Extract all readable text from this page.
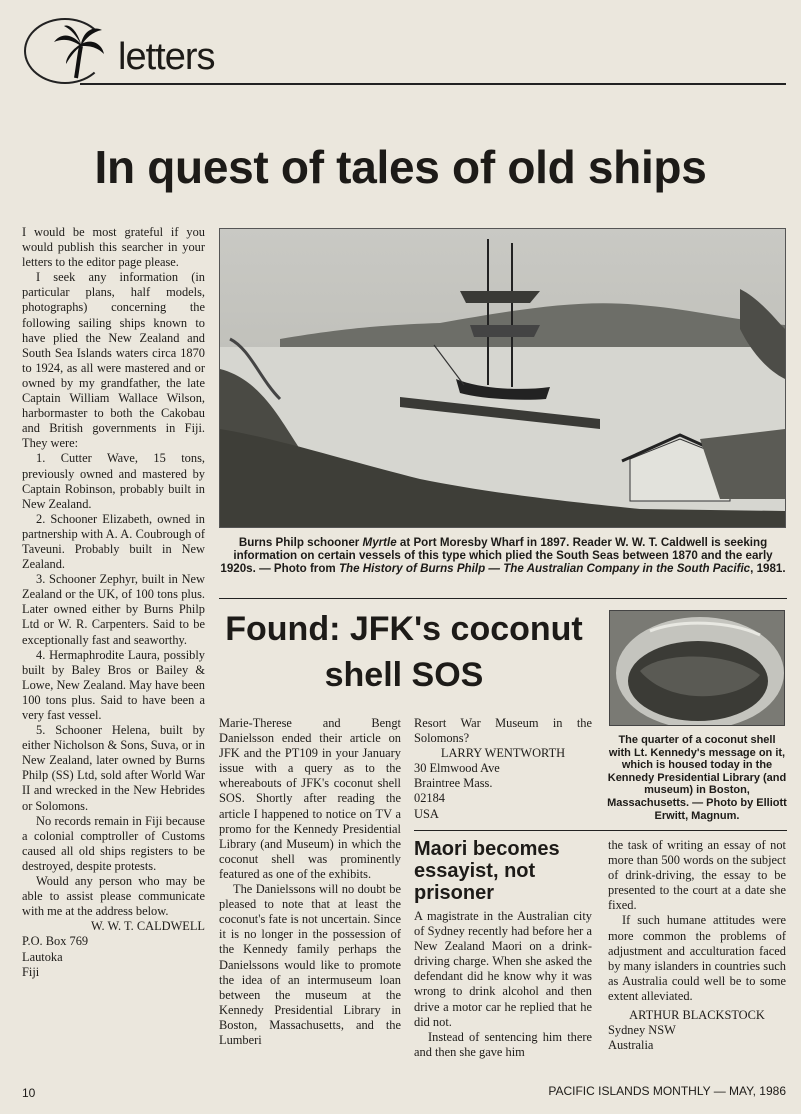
letters
In quest of tales of old ships

I would be most grateful if you would publish this searcher in your letters to the editor page please.

I seek any information (in particular plans, half models, photographs) concerning the following sailing ships known to have plied the New Zealand and South Sea Islands waters circa 1870 to 1924, as all were mastered and or owned by my grandfather, the late Captain William Wallace Wilson, harbormaster to both the Cakobau and British governments in Fiji. They were:

1. Cutter Wave, 15 tons, previously owned and mastered by Captain Robinson, probably built in New Zealand.

2. Schooner Elizabeth, owned in partnership with A. A. Coubrough of Taveuni. Probably built in New Zealand.

3. Schooner Zephyr, built in New Zealand or the UK, of 100 tons plus. Later owned either by Burns Philp Ltd or W. R. Carpenters. Said to be exceptionally fast and seaworthy.

4. Hermaphrodite Laura, possibly built by Baley Bros or Bailey & Lowe, New Zealand. May have been 100 tons plus. Said to have been a very fast vessel.

5. Schooner Helena, built by either Nicholson & Sons, Suva, or in New Zealand, later owned by Burns Philp (SS) Ltd, sold after World War II and wrecked in the New Hebrides or Solomons.

No records remain in Fiji because a colonial comptroller of Customs caused all old ships registers to be destroyed, despite protests.

Would any person who may be able to assist please communicate with me at the address below.

W. W. T. CALDWELL
P.O. Box 769
Lautoka
Fiji
Burns Philp schooner Myrtle at Port Moresby Wharf in 1897. Reader W. W. T. Caldwell is seeking information on certain vessels of this type which plied the South Seas between 1870 and the early 1920s. — Photo from The History of Burns Philp — The Australian Company in the South Pacific, 1981.
Found: JFK's coconut shell SOS

Marie-Therese and Bengt Danielsson ended their article on JFK and the PT109 in your January issue with a query as to the whereabouts of JFK's coconut shell SOS. Shortly after reading the article I happened to notice on TV a promo for the Kennedy Presidential Library (and Museum) in which the coconut shell was prominently featured as one of the exhibits.

The Danielssons will no doubt be pleased to note that at least the coconut's fate is not uncertain. Since it is no longer in the possession of the Kennedy family perhaps the Danielssons would like to promote the idea of an intermuseum loan between the museum at the Kennedy Presidential Library in Boston, Massachusetts, and the Lumberi

Resort War Museum in the Solomons?

LARRY WENTWORTH
30 Elmwood Ave
Braintree Mass.
02184
USA
The quarter of a coconut shell with Lt. Kennedy's message on it, which is housed today in the Kennedy Presidential Library (and museum) in Boston, Massachusetts. — Photo by Elliott Erwitt, Magnum.
Maori becomes essayist, not prisoner

A magistrate in the Australian city of Sydney recently had before her a New Zealand Maori on a drink-driving charge. When she asked the defendant did he know why it was wrong to drink alcohol and then drive a motor car he replied that he did not.

Instead of sentencing him there and then she gave him

the task of writing an essay of not more than 500 words on the subject of drink-driving, the essay to be presented to the court at a date she fixed.

If such humane attitudes were more common the problems of adjustment and acculturation faced by many islanders in countries such as Australia could well be to some extent alleviated.

ARTHUR BLACKSTOCK
Sydney NSW
Australia
10	PACIFIC ISLANDS MONTHLY — MAY, 1986
